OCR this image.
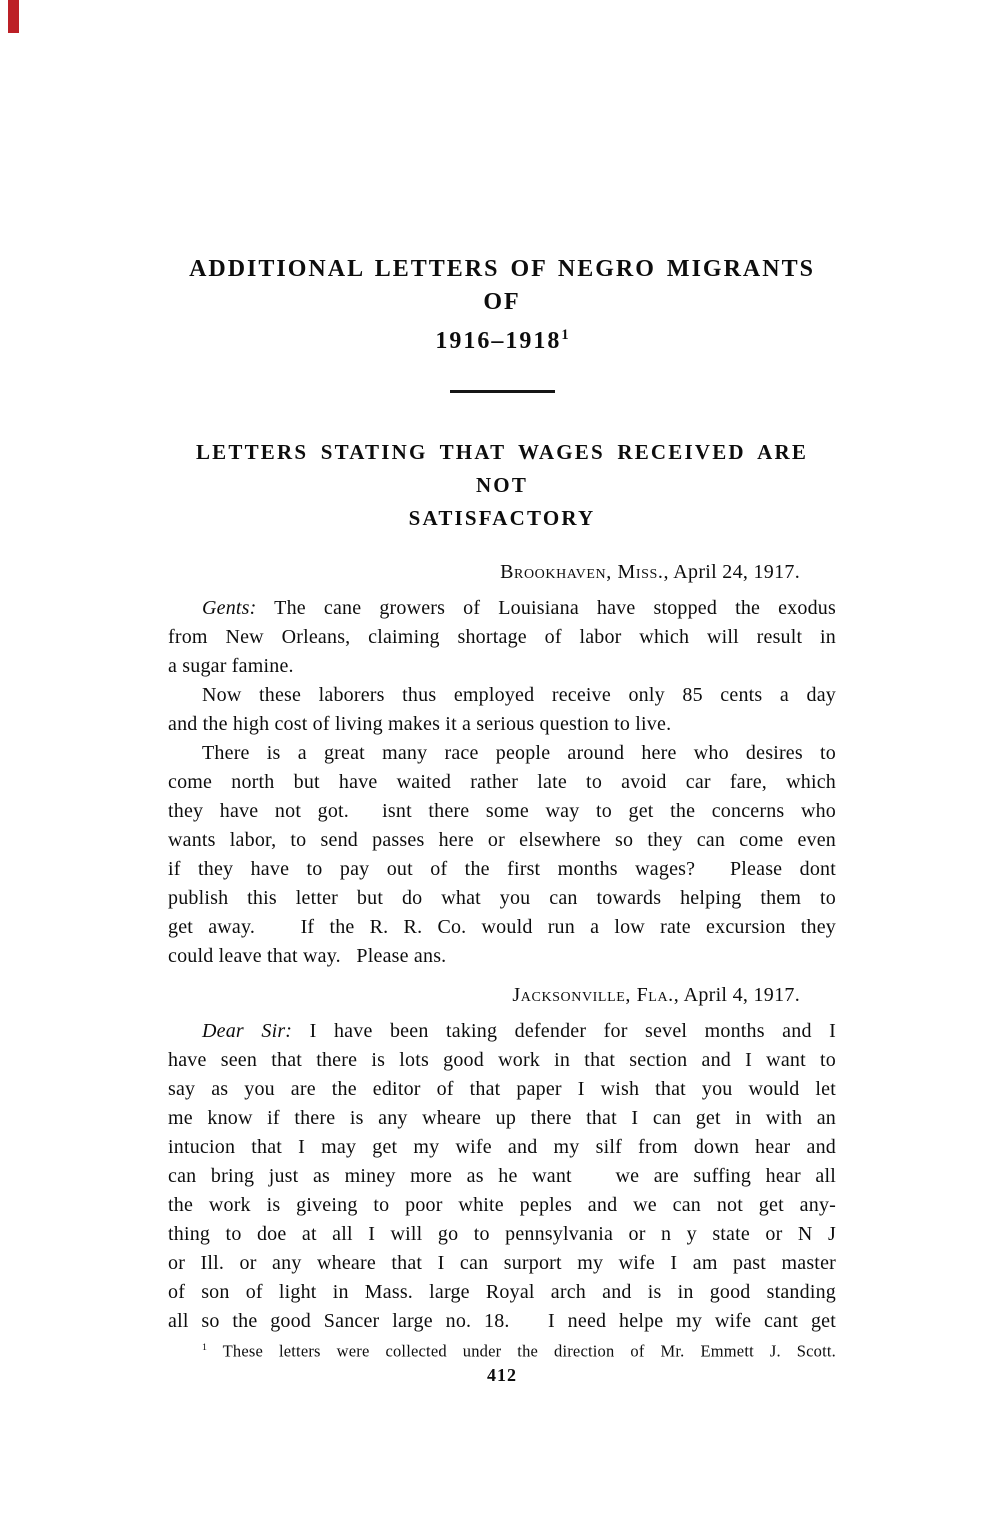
ADDITIONAL LETTERS OF NEGRO MIGRANTS OF
1916–1918$^1$
LETTERS STATING THAT WAGES RECEIVED ARE NOT
SATISFACTORY
Brookhaven, Miss., April 24, 1917.
Gents: The cane growers of Louisiana have stopped the exodus
from New Orleans, claiming shortage of labor which will result in
a sugar famine.
Now these laborers thus employed receive only 85 cents a day
and the high cost of living makes it a serious question to live.
There is a great many race people around here who desires to
come north but have waited rather late to avoid car fare, which
they have not got.  isnt there some way to get the concerns who
wants labor, to send passes here or elsewhere so they can come even
if they have to pay out of the first months wages?  Please dont
publish this letter but do what you can towards helping them to
get away.   If the R. R. Co. would run a low rate excursion they
could leave that way.   Please ans.
Jacksonville, Fla., April 4, 1917.
Dear Sir: I have been taking defender for sevel months and I
have seen that there is lots good work in that section and I want to
say as you are the editor of that paper I wish that you would let
me know if there is any wheare up there that I can get in with an
intucion that I may get my wife and my silf from down hear and
can bring just as miney more as he want   we are suffing hear all
the work is giveing to poor white peples and we can not get any-
thing to doe at all I will go to pennsylvania or n y state or N J
or Ill. or any wheare that I can surport my wife I am past master
of son of light in Mass. large Royal arch and is in good standing
all so the good Sancer large no. 18.   I need helpe my wife cant get
$^1$ These letters were collected under the direction of Mr. Emmett J. Scott.
412
